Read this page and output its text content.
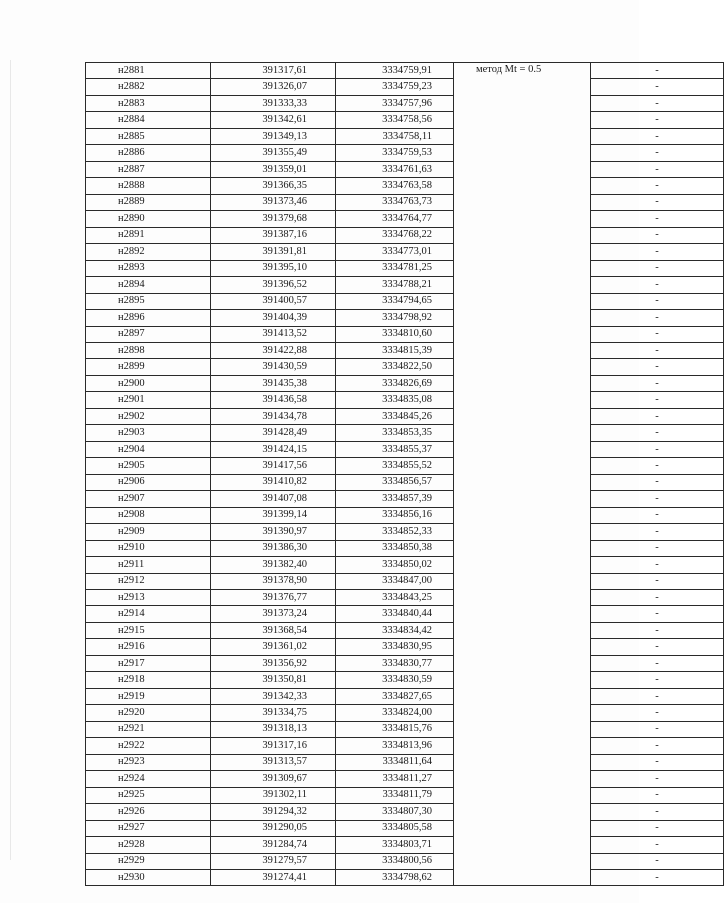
н2881	391317,61	3334759,91	метод Mt = 0.5	-
н2882	391326,07	3334759,23		-
н2883	391333,33	3334757,96		-
н2884	391342,61	3334758,56		-
н2885	391349,13	3334758,11		-
н2886	391355,49	3334759,53		-
н2887	391359,01	3334761,63		-
н2888	391366,35	3334763,58		-
н2889	391373,46	3334763,73		-
н2890	391379,68	3334764,77		-
н2891	391387,16	3334768,22		-
н2892	391391,81	3334773,01		-
н2893	391395,10	3334781,25		-
н2894	391396,52	3334788,21		-
н2895	391400,57	3334794,65		-
н2896	391404,39	3334798,92		-
н2897	391413,52	3334810,60		-
н2898	391422,88	3334815,39		-
н2899	391430,59	3334822,50		-
н2900	391435,38	3334826,69		-
н2901	391436,58	3334835,08		-
н2902	391434,78	3334845,26		-
н2903	391428,49	3334853,35		-
н2904	391424,15	3334855,37		-
н2905	391417,56	3334855,52		-
н2906	391410,82	3334856,57		-
н2907	391407,08	3334857,39		-
н2908	391399,14	3334856,16		-
н2909	391390,97	3334852,33		-
н2910	391386,30	3334850,38		-
н2911	391382,40	3334850,02		-
н2912	391378,90	3334847,00		-
н2913	391376,77	3334843,25		-
н2914	391373,24	3334840,44		-
н2915	391368,54	3334834,42		-
н2916	391361,02	3334830,95		-
н2917	391356,92	3334830,77		-
н2918	391350,81	3334830,59		-
н2919	391342,33	3334827,65		-
н2920	391334,75	3334824,00		-
н2921	391318,13	3334815,76		-
н2922	391317,16	3334813,96		-
н2923	391313,57	3334811,64		-
н2924	391309,67	3334811,27		-
н2925	391302,11	3334811,79		-
н2926	391294,32	3334807,30		-
н2927	391290,05	3334805,58		-
н2928	391284,74	3334803,71		-
н2929	391279,57	3334800,56		-
н2930	391274,41	3334798,62		-
